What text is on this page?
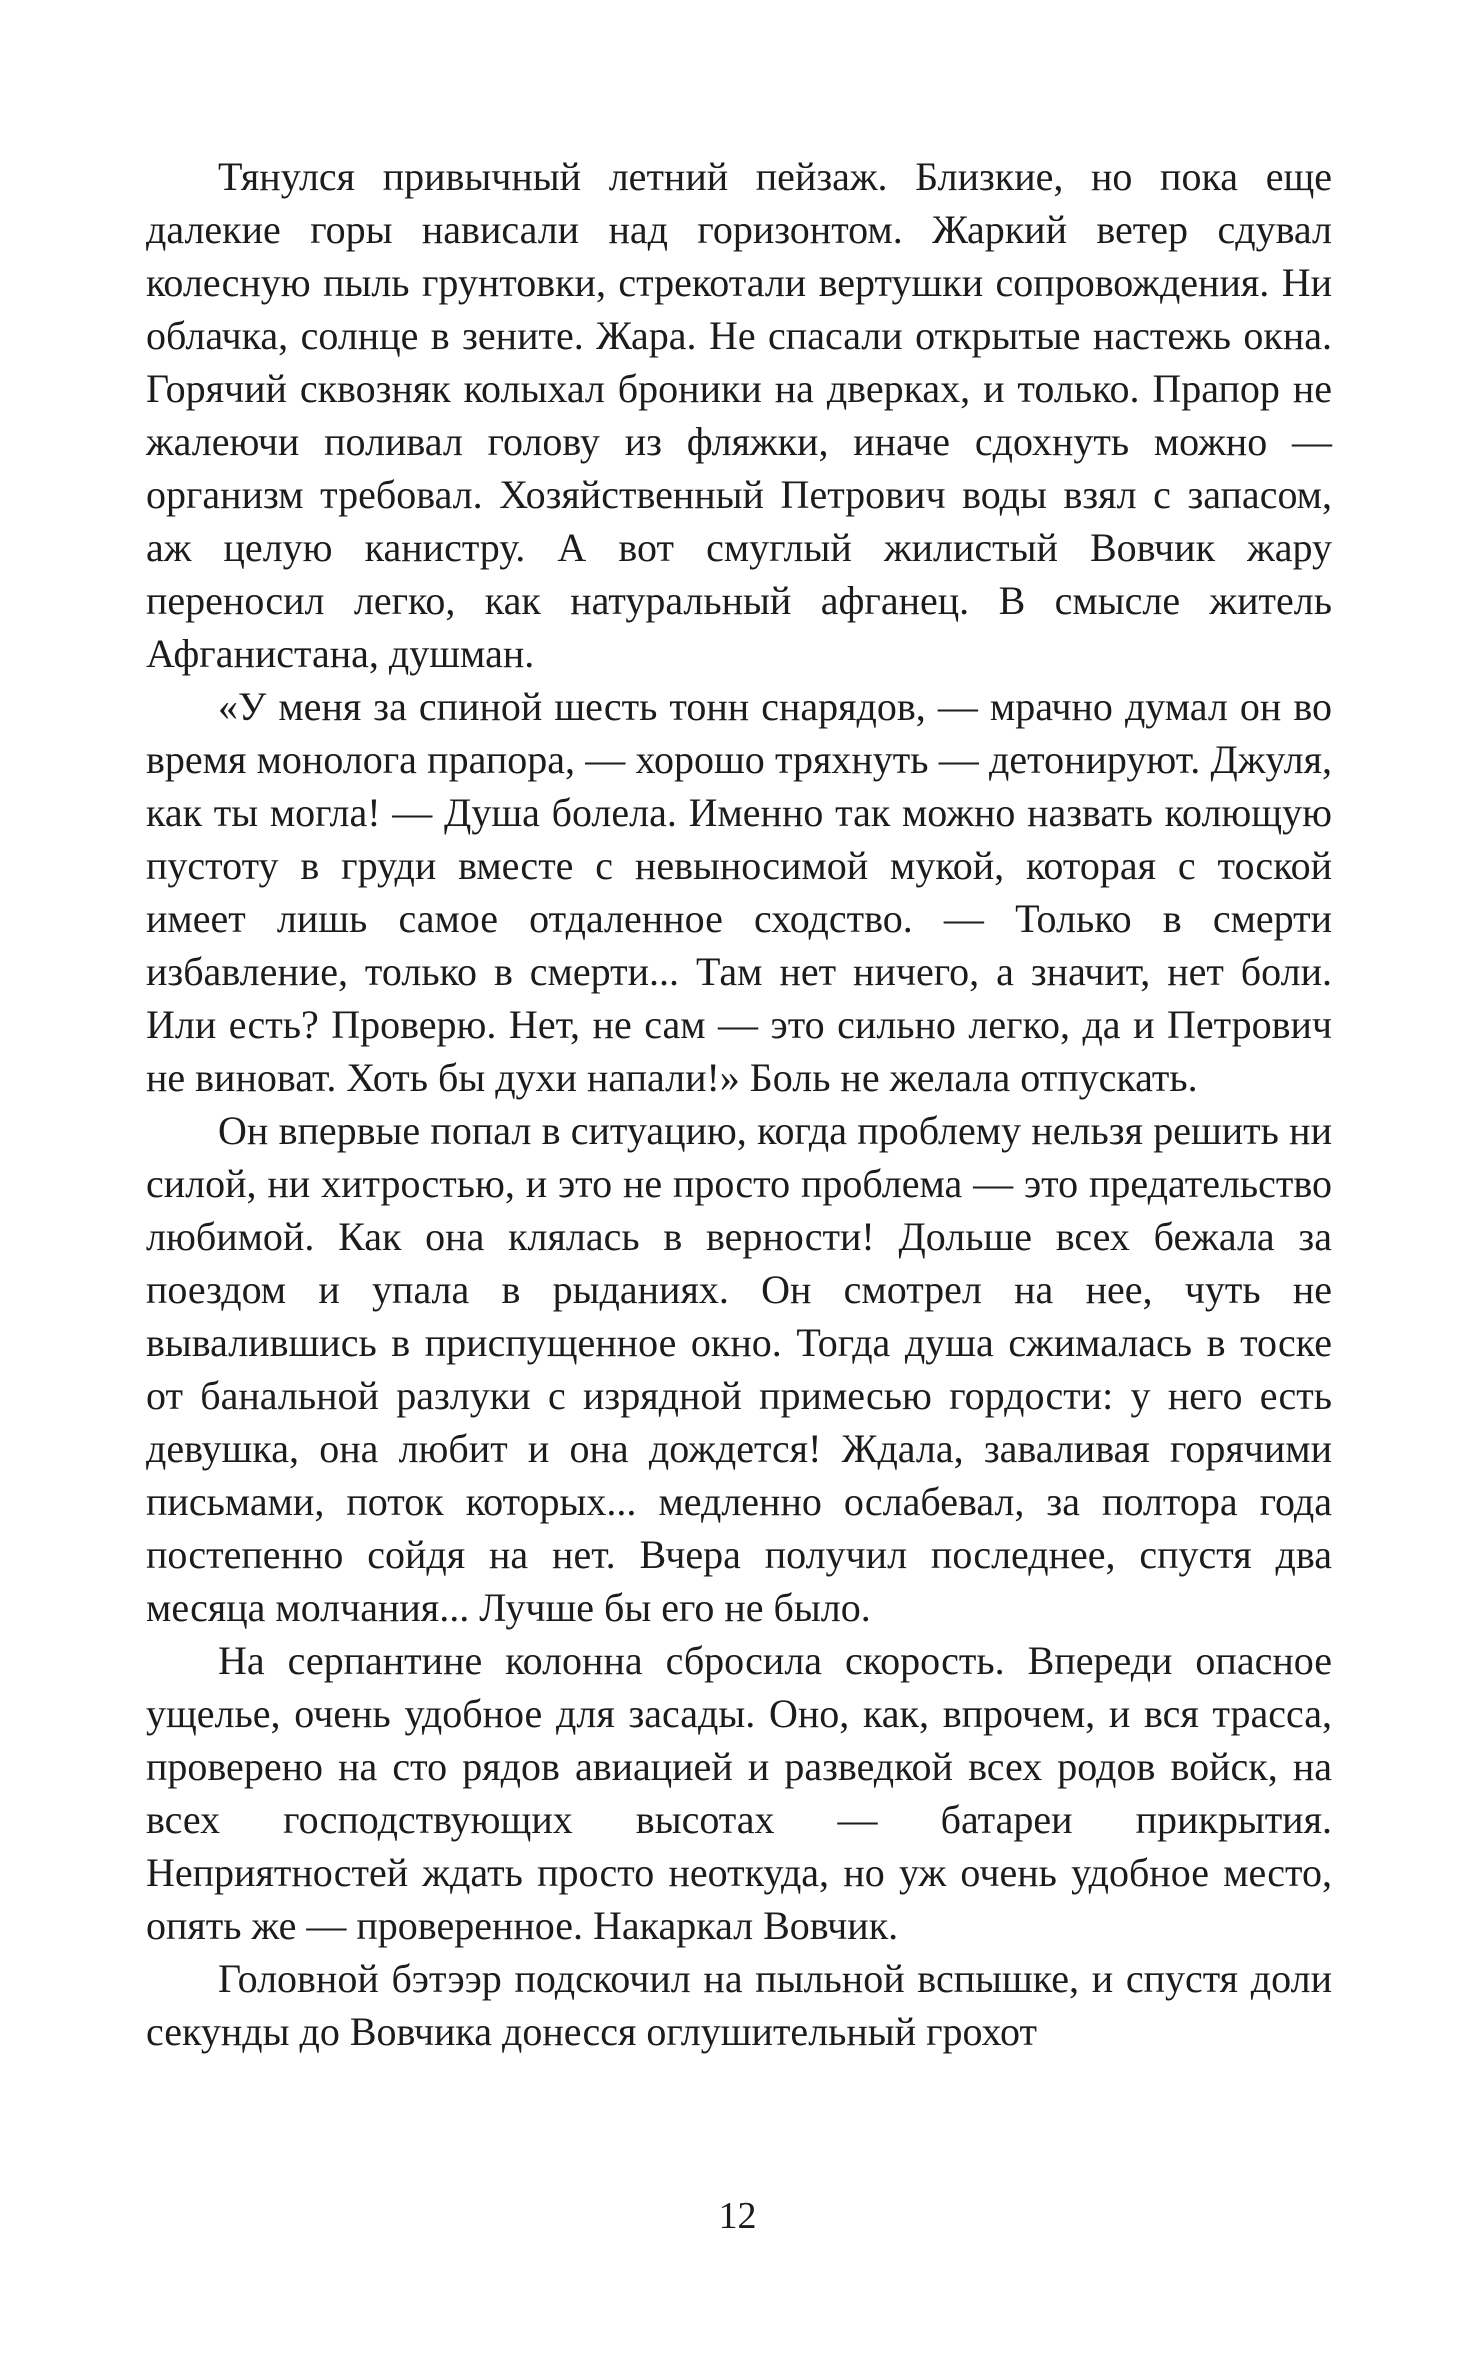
Тянулся привычный летний пейзаж. Близкие, но пока еще далекие горы нависали над горизонтом. Жаркий ветер сдувал колесную пыль грунтовки, стрекотали вертушки сопровождения. Ни облачка, солнце в зените. Жара. Не спасали открытые настежь окна. Горячий сквозняк колыхал броники на дверках, и только. Прапор не жалеючи поливал голову из фляжки, иначе сдохнуть можно — организм требовал. Хозяйственный Петрович воды взял с запасом, аж целую канистру. А вот смуглый жилистый Вовчик жару переносил легко, как натуральный афганец. В смысле житель Афганистана, душман.

«У меня за спиной шесть тонн снарядов, — мрачно думал он во время монолога прапора, — хорошо тряхнуть — детонируют. Джуля, как ты могла! — Душа болела. Именно так можно назвать колющую пустоту в груди вместе с невыносимой мукой, которая с тоской имеет лишь самое отдаленное сходство. — Только в смерти избавление, только в смерти... Там нет ничего, а значит, нет боли. Или есть? Проверю. Нет, не сам — это сильно легко, да и Петрович не виноват. Хоть бы духи напали!» Боль не желала отпускать.

Он впервые попал в ситуацию, когда проблему нельзя решить ни силой, ни хитростью, и это не просто проблема — это предательство любимой. Как она клялась в верности! Дольше всех бежала за поездом и упала в рыданиях. Он смотрел на нее, чуть не вывалившись в приспущенное окно. Тогда душа сжималась в тоске от банальной разлуки с изрядной примесью гордости: у него есть девушка, она любит и она дождется! Ждала, заваливая горячими письмами, поток которых... медленно ослабевал, за полтора года постепенно сойдя на нет. Вчера получил последнее, спустя два месяца молчания... Лучше бы его не было.

На серпантине колонна сбросила скорость. Впереди опасное ущелье, очень удобное для засады. Оно, как, впрочем, и вся трасса, проверено на сто рядов авиацией и разведкой всех родов войск, на всех господствующих высотах — батареи прикрытия. Неприятностей ждать просто неоткуда, но уж очень удобное место, опять же — проверенное. Накаркал Вовчик.

Головной бэтээр подскочил на пыльной вспышке, и спустя доли секунды до Вовчика донесся оглушительный грохот

12
